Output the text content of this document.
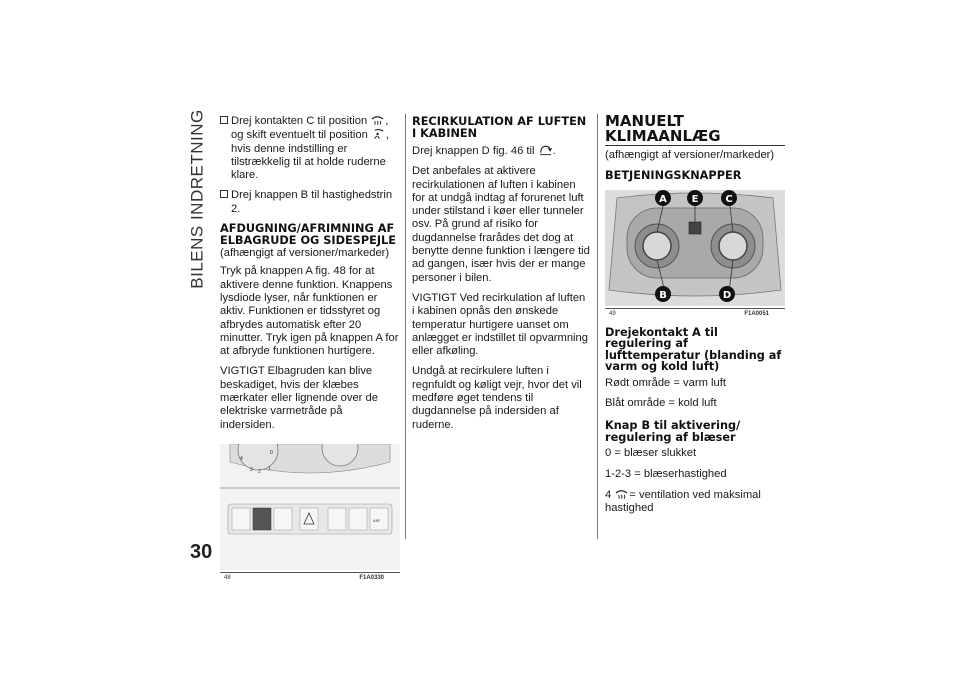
BILENS INDRETNING
30

Drej kontakten C til position , og skift eventuelt til position , hvis denne indstilling er tilstrækkelig til at holde ruderne klare.

Drej knappen B til hastighedstrin 2.

AFDUGNING/AFRIMNING AF ELBAGRUDE OG SIDESPEJLE

(afhængigt af versioner/markeder)

Tryk på knappen A fig. 48 for at aktivere denne funktion. Knappens lysdiode lyser, når funktionen er aktiv. Funktionen er tidsstyret og afbrydes automatisk efter 20 minutter. Tryk igen på knappen A for at afbryde funktionen hurtigere.

VIGTIGT Elbagruden kan blive beskadiget, hvis der klæbes mærkater eller lignende over de elektriske varmetråde på indersiden.

4
0
3 2 1
AIR
48	F1A0330
RECIRKULATION AF LUFTEN I KABINEN

Drej knappen D fig. 46 til .

Det anbefales at aktivere recirkulationen af luften i kabinen for at undgå indtag af forurenet luft under stilstand i køer eller tunneler osv. På grund af risiko for dugdannelse frarådes det dog at benytte denne funktion i længere tid ad gangen, især hvis der er mange personer i bilen.

VIGTIGT Ved recirkulation af luften i kabinen opnås den ønskede temperatur hurtigere uanset om anlægget er indstillet til opvarmning eller afkøling.

Undgå at recirkulere luften i regnfuldt og køligt vejr, hvor det vil medføre øget tendens til dugdannelse på indersiden af ruderne.

MANUELT KLIMAANLÆG

(afhængigt af versioner/markeder)

BETJENINGSKNAPPER
A E	C
B	D
49	F1A0051
Drejekontakt A til regulering af lufttemperatur (blanding af varm og kold luft)

Rødt område = varm luft

Blåt område = kold luft

Knap B til aktivering/ regulering af blæser

0 = blæser slukket

1-2-3 = blæserhastighed

4 = ventilation ved maksimal hastighed
